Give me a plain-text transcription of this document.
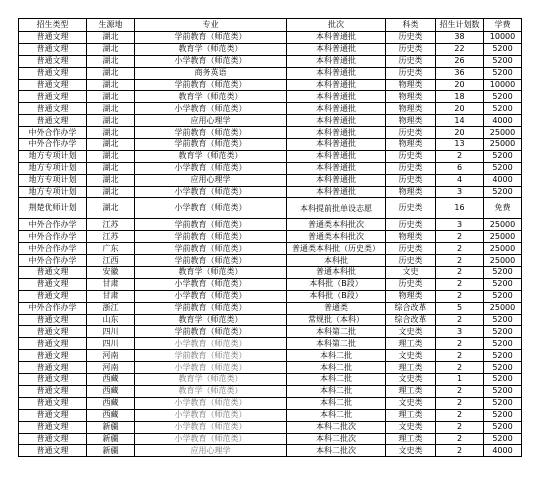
招生类型	生源地	专业	批次	科类	招生计划数	学费
普通文理	湖北	学前教育（师范类）	本科普通批	历史类	38	10000
普通文理	湖北	教育学（师范类）	本科普通批	历史类	22	5200
普通文理	湖北	小学教育（师范类）	本科普通批	历史类	26	5200
普通文理	湖北	商务英语	本科普通批	历史类	36	5200
普通文理	湖北	学前教育（师范类）	本科普通批	物理类	20	10000
普通文理	湖北	教育学（师范类）	本科普通批	物理类	18	5200
普通文理	湖北	小学教育（师范类）	本科普通批	物理类	20	5200
普通文理	湖北	应用心理学	本科普通批	物理类	14	4000
中外合作办学	湖北	学前教育（师范类）	本科普通批	历史类	20	25000
中外合作办学	湖北	学前教育（师范类）	本科普通批	物理类	13	25000
地方专项计划	湖北	教育学（师范类）	本科普通批	历史类	2	5200
地方专项计划	湖北	小学教育（师范类）	本科普通批	历史类	6	5200
地方专项计划	湖北	应用心理学	本科普通批	历史类	4	4000
地方专项计划	湖北	小学教育（师范类）	本科普通批	物理类	3	5200
荆楚优师计划	湖北	小学教育（师范类）	本科提前批单设志愿	历史类	16	免费
中外合作办学	江苏	学前教育（师范类）	普通类本科批次	历史类	3	25000
中外合作办学	江苏	学前教育（师范类）	普通类本科批次	物理类	2	25000
中外合作办学	广东	学前教育（师范类）	普通类本科批（历史类）	历史类	2	25000
中外合作办学	江西	学前教育（师范类）	本科批	历史类	2	25000
普通文理	安徽	教育学（师范类）	普通本科批	文史	2	5200
普通文理	甘肃	小学教育（师范类）	本科批（B段）	历史类	2	5200
普通文理	甘肃	小学教育（师范类）	本科批（B段）	物理类	2	5200
中外合作办学	浙江	学前教育（师范类）	普通类	综合改革	5	25000
普通文理	山东	教育学（师范类）	常规批（本科）	综合改革	2	5200
普通文理	四川	学前教育（师范类）	本科第二批	文史类	3	5200
普通文理	四川	小学教育（师范类）	本科第二批	理工类	2	5200
普通文理	河南	学前教育（师范类）	本科二批	文史类	2	5200
普通文理	河南	小学教育（师范类）	本科二批	理工类	2	5200
普通文理	西藏	教育学（师范类）	本科二批	文史类	1	5200
普通文理	西藏	教育学（师范类）	本科二批	理工类	2	5200
普通文理	西藏	小学教育（师范类）	本科二批	文史类	2	5200
普通文理	西藏	小学教育（师范类）	本科二批	理工类	2	5200
普通文理	新疆	小学教育（师范类）	本科二批次	文史类	2	5200
普通文理	新疆	小学教育（师范类）	本科二批次	理工类	2	5200
普通文理	新疆	应用心理学	本科二批次	文史类	2	4000
